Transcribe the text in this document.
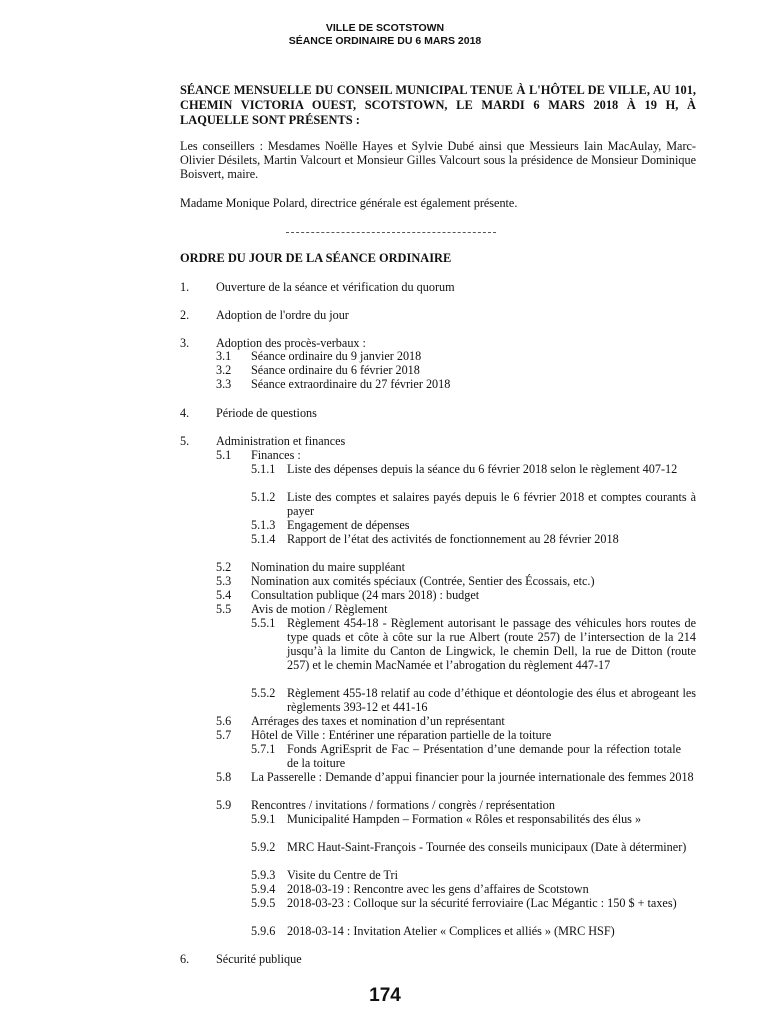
VILLE DE SCOTSTOWN
SÉANCE ORDINAIRE DU 6 MARS 2018
SÉANCE MENSUELLE DU CONSEIL MUNICIPAL TENUE À L'HÔTEL DE VILLE, AU 101, CHEMIN VICTORIA OUEST, SCOTSTOWN, LE MARDI 6 MARS 2018 À 19 H, À LAQUELLE SONT PRÉSENTS :
Les conseillers : Mesdames Noëlle Hayes et Sylvie Dubé ainsi que Messieurs Iain MacAulay, Marc-Olivier Désilets, Martin Valcourt et Monsieur Gilles Valcourt sous la présidence de Monsieur Dominique Boisvert, maire.
Madame Monique Polard, directrice générale est également présente.
ORDRE DU JOUR DE LA SÉANCE ORDINAIRE
1. Ouverture de la séance et vérification du quorum
2. Adoption de l'ordre du jour
3. Adoption des procès-verbaux :
3.1 Séance ordinaire du 9 janvier 2018
3.2 Séance ordinaire du 6 février 2018
3.3 Séance extraordinaire du 27 février 2018
4. Période de questions
5. Administration et finances
5.1 Finances :
5.1.1 Liste des dépenses depuis la séance du 6 février 2018 selon le règlement 407-12
5.1.2 Liste des comptes et salaires payés depuis le 6 février 2018 et comptes courants à payer
5.1.3 Engagement de dépenses
5.1.4 Rapport de l’état des activités de fonctionnement au 28 février 2018
5.2 Nomination du maire suppléant
5.3 Nomination aux comités spéciaux (Contrée, Sentier des Écossais, etc.)
5.4 Consultation publique (24 mars 2018) : budget
5.5 Avis de motion / Règlement
5.5.1 Règlement 454-18 - Règlement autorisant le passage des véhicules hors routes de type quads et côte à côte sur la rue Albert (route 257) de l’intersection de la 214 jusqu’à la limite du Canton de Lingwick, le chemin Dell, la rue de Ditton (route 257) et le chemin MacNamée et l’abrogation du règlement 447-17
5.5.2 Règlement 455-18 relatif au code d’éthique et déontologie des élus et abrogeant les règlements 393-12 et 441-16
5.6 Arrérages des taxes et nomination d’un représentant
5.7 Hôtel de Ville : Entériner une réparation partielle de la toiture
5.7.1 Fonds AgriEsprit de Fac – Présentation d’une demande pour la réfection totale de la toiture
5.8 La Passerelle : Demande d’appui financier pour la journée internationale des femmes 2018
5.9 Rencontres / invitations / formations / congrès / représentation
5.9.1 Municipalité Hampden – Formation « Rôles et responsabilités des élus »
5.9.2 MRC Haut-Saint-François - Tournée des conseils municipaux (Date à déterminer)
5.9.3 Visite du Centre de Tri
5.9.4 2018-03-19 : Rencontre avec les gens d’affaires de Scotstown
5.9.5 2018-03-23 : Colloque sur la sécurité ferroviaire (Lac Mégantic : 150 $ + taxes)
5.9.6 2018-03-14 : Invitation Atelier « Complices et alliés » (MRC HSF)
6. Sécurité publique
174
